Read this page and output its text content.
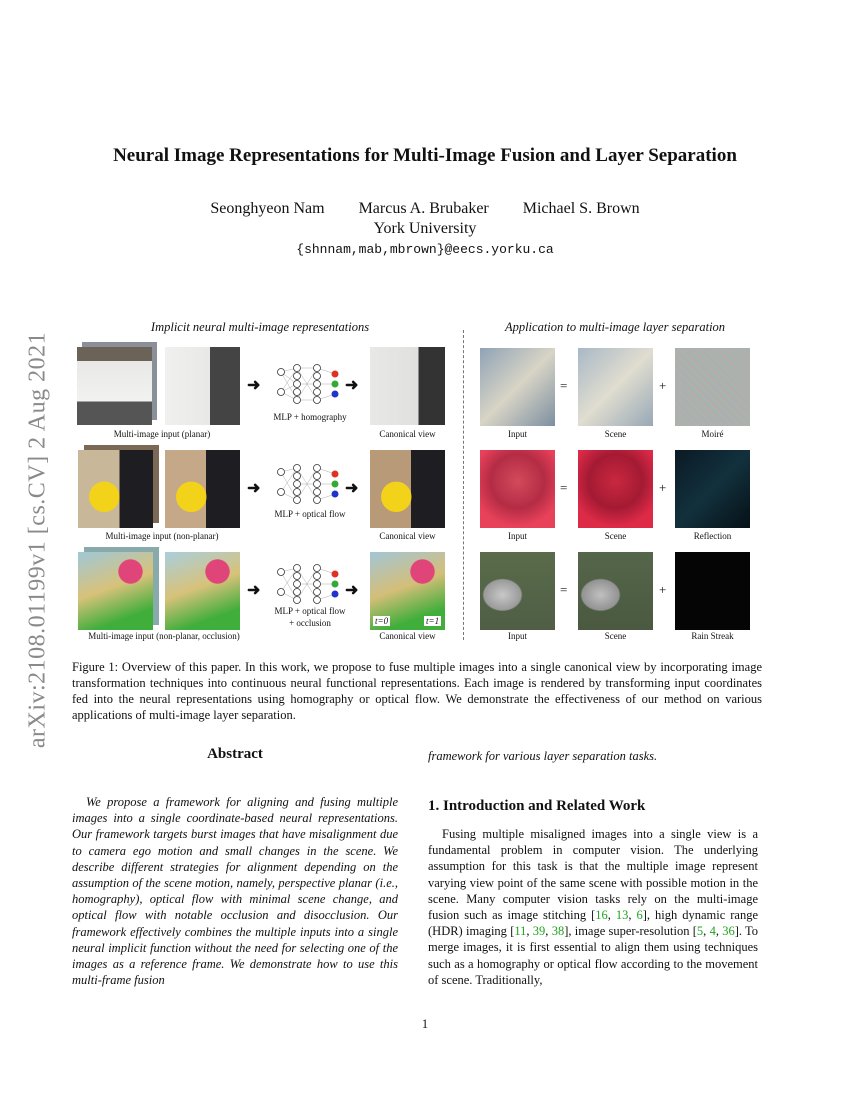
Neural Image Representations for Multi-Image Fusion and Layer Separation
Seonghyeon Nam Marcus A. Brubaker Michael S. Brown
York University
{shnnam,mab,mbrown}@eecs.yorku.ca
arXiv:2108.01199v1 [cs.CV] 2 Aug 2021
Implicit neural multi-image representations	Application to multi-image layer separation
➜	➜
Multi-image input (planar)
MLP + homography
Canonical view
=	+
Input	Scene	Moiré
➜	➜
Multi-image input (non-planar)
MLP + optical flow
Canonical view
=	+
Input	Scene	Reflection
➜	➜
t=0	t=1
Multi-image input (non-planar, occlusion)
MLP + optical flow
+ occlusion
Canonical view
=	+
Input	Scene	Rain Streak
Figure 1: Overview of this paper. In this work, we propose to fuse multiple images into a single canonical view by incorporating image transformation techniques into continuous neural functional representations. Each image is rendered by transforming input coordinates fed into the neural representations using homography or optical flow. We demonstrate the effectiveness of our method on various applications of multi-image layer separation.
Abstract
We propose a framework for aligning and fusing multiple images into a single coordinate-based neural representations. Our framework targets burst images that have misalignment due to camera ego motion and small changes in the scene. We describe different strategies for alignment depending on the assumption of the scene motion, namely, perspective planar (i.e., homography), optical flow with minimal scene change, and optical flow with notable occlusion and disocclusion. Our framework effectively combines the multiple inputs into a single neural implicit function without the need for selecting one of the images as a reference frame. We demonstrate how to use this multi-frame fusion
framework for various layer separation tasks.
1. Introduction and Related Work
Fusing multiple misaligned images into a single view is a fundamental problem in computer vision. The underlying assumption for this task is that the multiple image represent varying view point of the same scene with possible motion in the scene. Many computer vision tasks rely on the multi-image fusion such as image stitching [16, 13, 6], high dynamic range (HDR) imaging [11, 39, 38], image super-resolution [5, 4, 36]. To merge images, it is first essential to align them using techniques such as a homography or optical flow according to the movement of scene. Traditionally,
1
